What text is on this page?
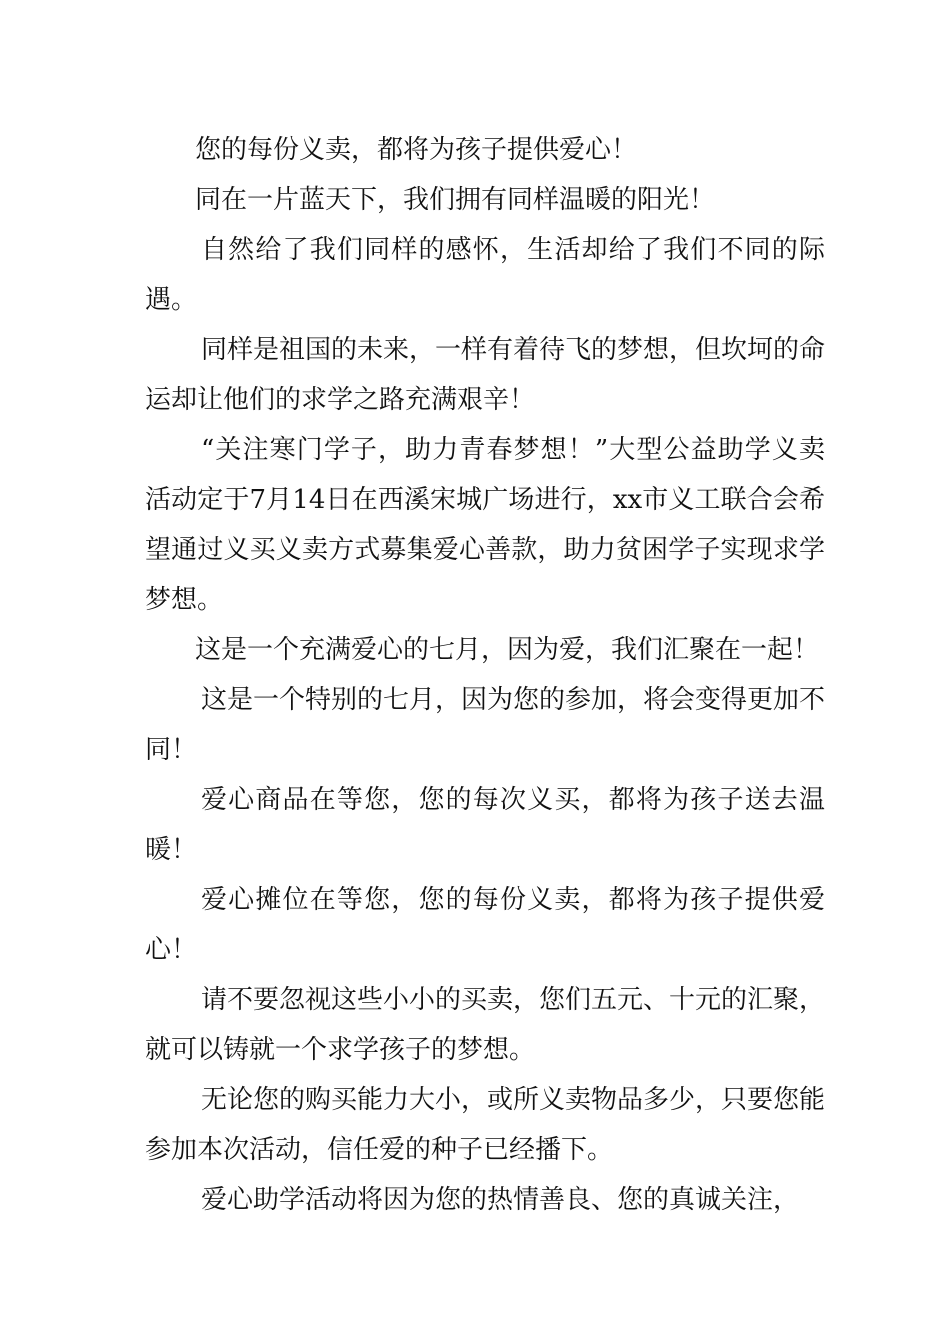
您的每份义卖，都将为孩子提供爱心！

同在一片蓝天下，我们拥有同样温暖的阳光！

自然给了我们同样的感怀，生活却给了我们不同的际遇。

同样是祖国的未来，一样有着待飞的梦想，但坎坷的命运却让他们的求学之路充满艰辛！

“关注寒门学子，助力青春梦想！”大型公益助学义卖活动定于7月14日在西溪宋城广场进行，xx市义工联合会希望通过义买义卖方式募集爱心善款，助力贫困学子实现求学梦想。

这是一个充满爱心的七月，因为爱，我们汇聚在一起！

这是一个特别的七月，因为您的参加，将会变得更加不同！

爱心商品在等您，您的每次义买，都将为孩子送去温暖！

爱心摊位在等您，您的每份义卖，都将为孩子提供爱心！

请不要忽视这些小小的买卖，您们五元、十元的汇聚，就可以铸就一个求学孩子的梦想。

无论您的购买能力大小，或所义卖物品多少，只要您能参加本次活动，信任爱的种子已经播下。

爱心助学活动将因为您的热情善良、您的真诚关注，
